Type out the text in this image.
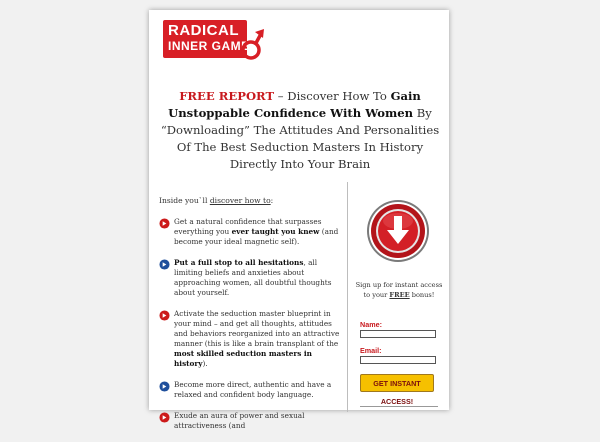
RADICAL
INNER GAME
FREE REPORT – Discover How To Gain Unstoppable Confidence With Women By “Downloading” The Attitudes And Personalities Of The Best Seduction Masters In History Directly Into Your Brain
Inside you`ll discover how to:
Get a natural confidence that surpasses everything you ever taught you knew (and become your ideal magnetic self).
Put a full stop to all hesitations, all limiting beliefs and anxieties about approaching women, all doubtful thoughts about yourself.
Activate the seduction master blueprint in your mind – and get all thoughts, attitudes and behaviors reorganized into an attractive manner (this is like a brain transplant of the most skilled seduction masters in history).
Become more direct, authentic and have a relaxed and confident body language.
Exude an aura of power and sexual attractiveness (and
Sign up for instant access to your FREE bonus!
Name:
Email:
GET INSTANT ACCESS!
